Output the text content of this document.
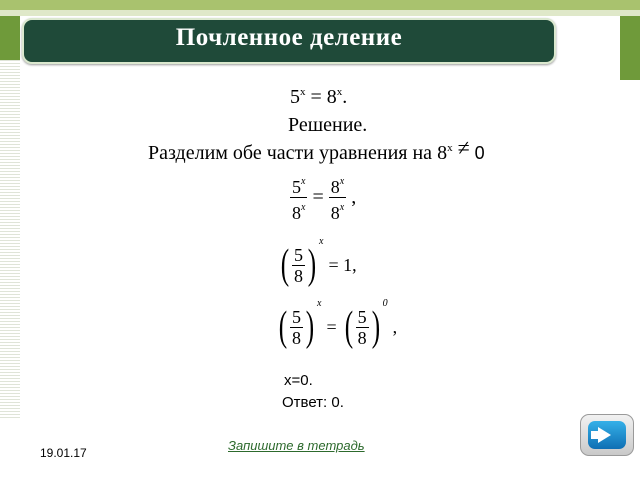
Почленное деление
$5^x = 8^x$.
Решение.
Разделим обе части уравнения на $8^x \ne 0$
$\frac{5^x}{8^x} = \frac{8^x}{8^x}$ ,
( $\frac{5}{8} )^x = 1$,
( $\frac{5}{8} )^x$ = ( $\frac{5}{8} )^0$ ,
x=0.
Ответ: 0.
19.01.17	Запишите в тетрадь
